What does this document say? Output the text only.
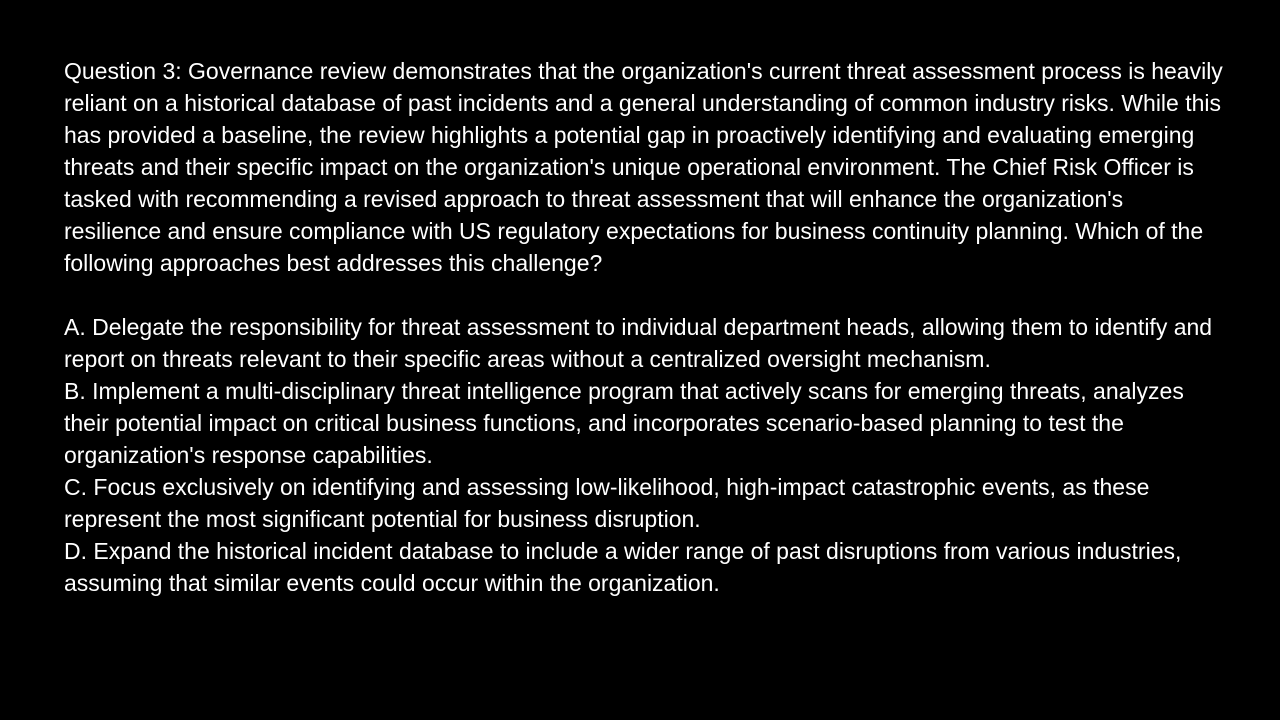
Question 3: Governance review demonstrates that the organization's current threat assessment process is heavily reliant on a historical database of past incidents and a general understanding of common industry risks. While this has provided a baseline, the review highlights a potential gap in proactively identifying and evaluating emerging threats and their specific impact on the organization's unique operational environment. The Chief Risk Officer is tasked with recommending a revised approach to threat assessment that will enhance the organization's resilience and ensure compliance with US regulatory expectations for business continuity planning. Which of the following approaches best addresses this challenge?

A. Delegate the responsibility for threat assessment to individual department heads, allowing them to identify and report on threats relevant to their specific areas without a centralized oversight mechanism.
B. Implement a multi-disciplinary threat intelligence program that actively scans for emerging threats, analyzes their potential impact on critical business functions, and incorporates scenario-based planning to test the organization's response capabilities.
C. Focus exclusively on identifying and assessing low-likelihood, high-impact catastrophic events, as these represent the most significant potential for business disruption.
D. Expand the historical incident database to include a wider range of past disruptions from various industries, assuming that similar events could occur within the organization.
